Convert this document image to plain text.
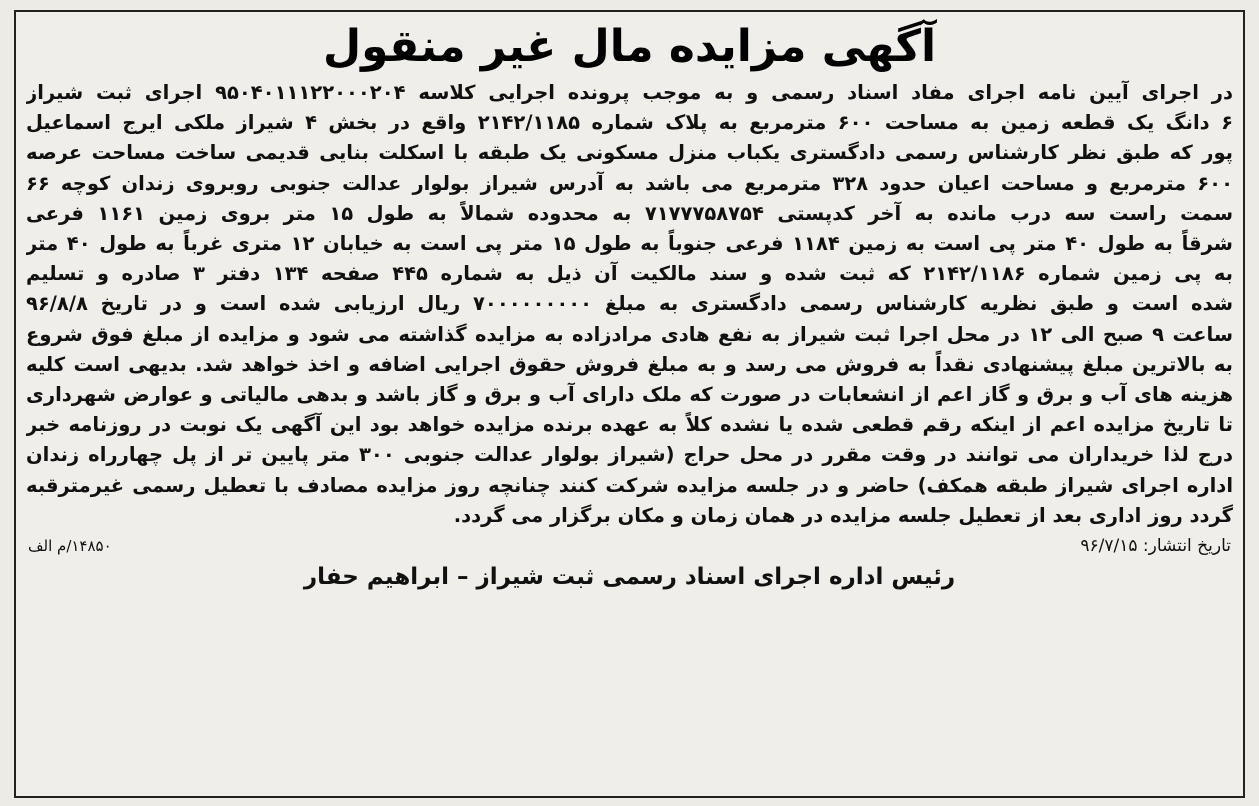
آگهی مزایده مال غیر منقول
در اجرای آیین نامه اجرای مفاد اسناد رسمی و به موجب پرونده اجرایی کلاسه ۹۵۰۴۰۱۱۱۲۲۰۰۰۲۰۴ اجرای ثبت شیراز
۶ دانگ یک قطعه زمین به مساحت ۶۰۰ مترمربع به پلاک شماره ۲۱۴۲/۱۱۸۵ واقع در بخش ۴ شیراز ملکی ایرج اسماعیل
پور که طبق نظر کارشناس رسمی دادگستری یکباب منزل مسکونی یک طبقه با اسکلت بنایی قدیمی ساخت مساحت عرصه
۶۰۰ مترمربع و مساحت اعیان حدود ۳۲۸ مترمربع می باشد به آدرس شیراز بولوار عدالت جنوبی روبروی زندان کوچه ۶۶
سمت راست سه درب مانده به آخر کدپستی ۷۱۷۷۷۵۸۷۵۴ به محدوده شمالاً به طول ۱۵ متر بروی زمین ۱۱۶۱ فرعی
شرقاً به طول ۴۰ متر پی است به زمین ۱۱۸۴ فرعی جنوباً به طول ۱۵ متر پی است به خیابان ۱۲ متری غرباً به طول ۴۰ متر
به پی زمین شماره ۲۱۴۲/۱۱۸۶ که ثبت شده و سند مالکیت آن ذیل به شماره ۴۴۵ صفحه ۱۳۴ دفتر ۳ صادره و تسلیم
شده است و طبق نظریه کارشناس رسمی دادگستری به مبلغ ۷۰۰۰۰۰۰۰۰۰ ریال ارزیابی شده است و در تاریخ ۹۶/۸/۸
ساعت ۹ صبح الی ۱۲ در محل اجرا ثبت شیراز به نفع هادی مرادزاده به مزایده گذاشته می شود و مزایده از مبلغ فوق شروع
به بالاترین مبلغ پیشنهادی نقداً به فروش می رسد و به مبلغ فروش حقوق اجرایی اضافه و اخذ خواهد شد. بدیهی است کلیه
هزینه های آب و برق و گاز اعم از انشعابات در صورت که ملک دارای آب و برق و گاز باشد و بدهی مالیاتی و عوارض شهرداری
تا تاریخ مزایده اعم از اینکه رقم قطعی شده یا نشده کلاً به عهده برنده مزایده خواهد بود این آگهی یک نوبت در روزنامه خبر
درج لذا خریداران می توانند در وقت مقرر در محل حراج (شیراز بولوار عدالت جنوبی ۳۰۰ متر پایین تر از پل چهارراه زندان
اداره اجرای شیراز طبقه همکف) حاضر و در جلسه مزایده شرکت کنند چنانچه روز مزایده مصادف با تعطیل رسمی غیرمترقبه
گردد روز اداری بعد از تعطیل جلسه مزایده در همان زمان و مکان برگزار می گردد.
تاریخ انتشار: ۹۶/۷/۱۵
۱۴۸۵۰/م الف
رئیس اداره اجرای اسناد رسمی ثبت شیراز – ابراهیم حفار
